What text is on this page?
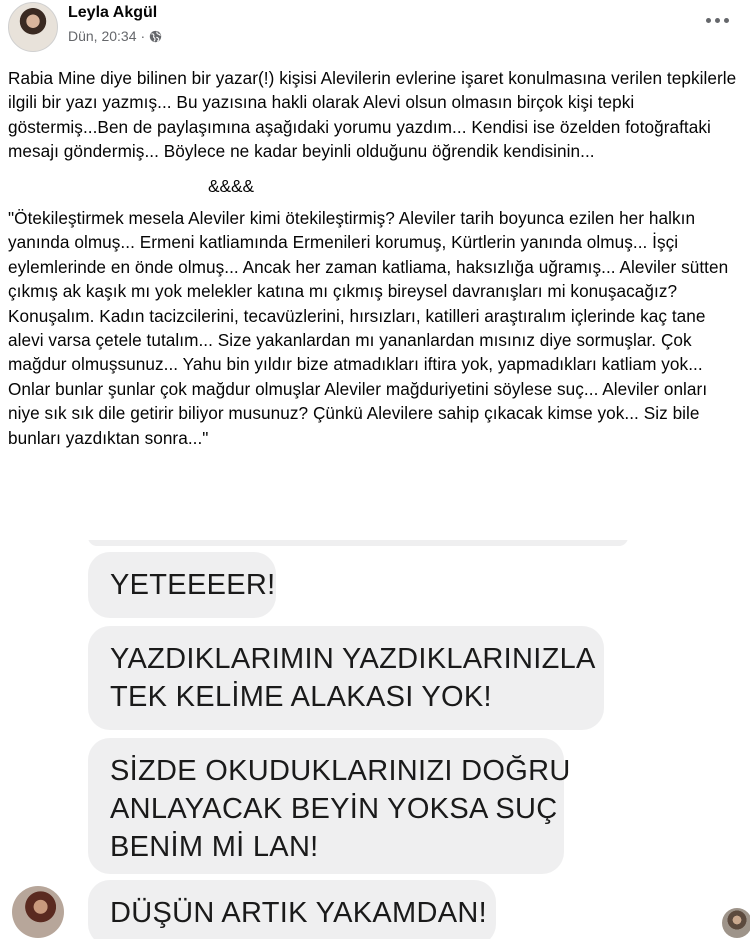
Leyla Akgül
Dün, 20:34 ·

Rabia Mine diye bilinen bir yazar(!) kişisi Alevilerin evlerine işaret konulmasına verilen tepkilerle ilgili bir yazı yazmış... Bu yazısına hakli olarak Alevi olsun olmasın birçok kişi tepki göstermiş...Ben de paylaşımına aşağıdaki yorumu yazdım... Kendisi ise özelden fotoğraftaki mesajı göndermiş... Böylece ne kadar beyinli olduğunu öğrendik kendisinin...

&&&&

"Ötekileştirmek mesela Aleviler kimi ötekileştirmiş? Aleviler tarih boyunca ezilen her halkın yanında olmuş... Ermeni katliamında Ermenileri korumuş, Kürtlerin yanında olmuş... İşçi eylemlerinde en önde olmuş... Ancak her zaman katliama, haksızlığa uğramış... Aleviler sütten çıkmış ak kaşık mı yok melekler katına mı çıkmış bireysel davranışları mi konuşacağız? Konuşalım. Kadın tacizcilerini, tecavüzlerini, hırsızları, katilleri araştıralım içlerinde kaç tane alevi varsa çetele tutalım... Size yakanlardan mı yananlardan mısınız diye sormuşlar. Çok mağdur olmuşsunuz... Yahu bin yıldır bize atmadıkları iftira yok, yapmadıkları katliam yok... Onlar bunlar şunlar çok mağdur olmuşlar Aleviler mağduriyetini söylese suç... Aleviler onları niye sık sık dile getirir biliyor musunuz? Çünkü Alevilere sahip çıkacak kimse yok... Siz bile bunları yazdıktan sonra..."

YETEEEER!
YAZDIKLARIMIN YAZDIKLARINIZLA
TEK KELİME ALAKASI YOK!
SİZDE OKUDUKLARINIZI DOĞRU
ANLAYACAK BEYİN YOKSA SUÇ
BENİM Mİ LAN!
DÜŞÜN ARTIK YAKAMDAN!
